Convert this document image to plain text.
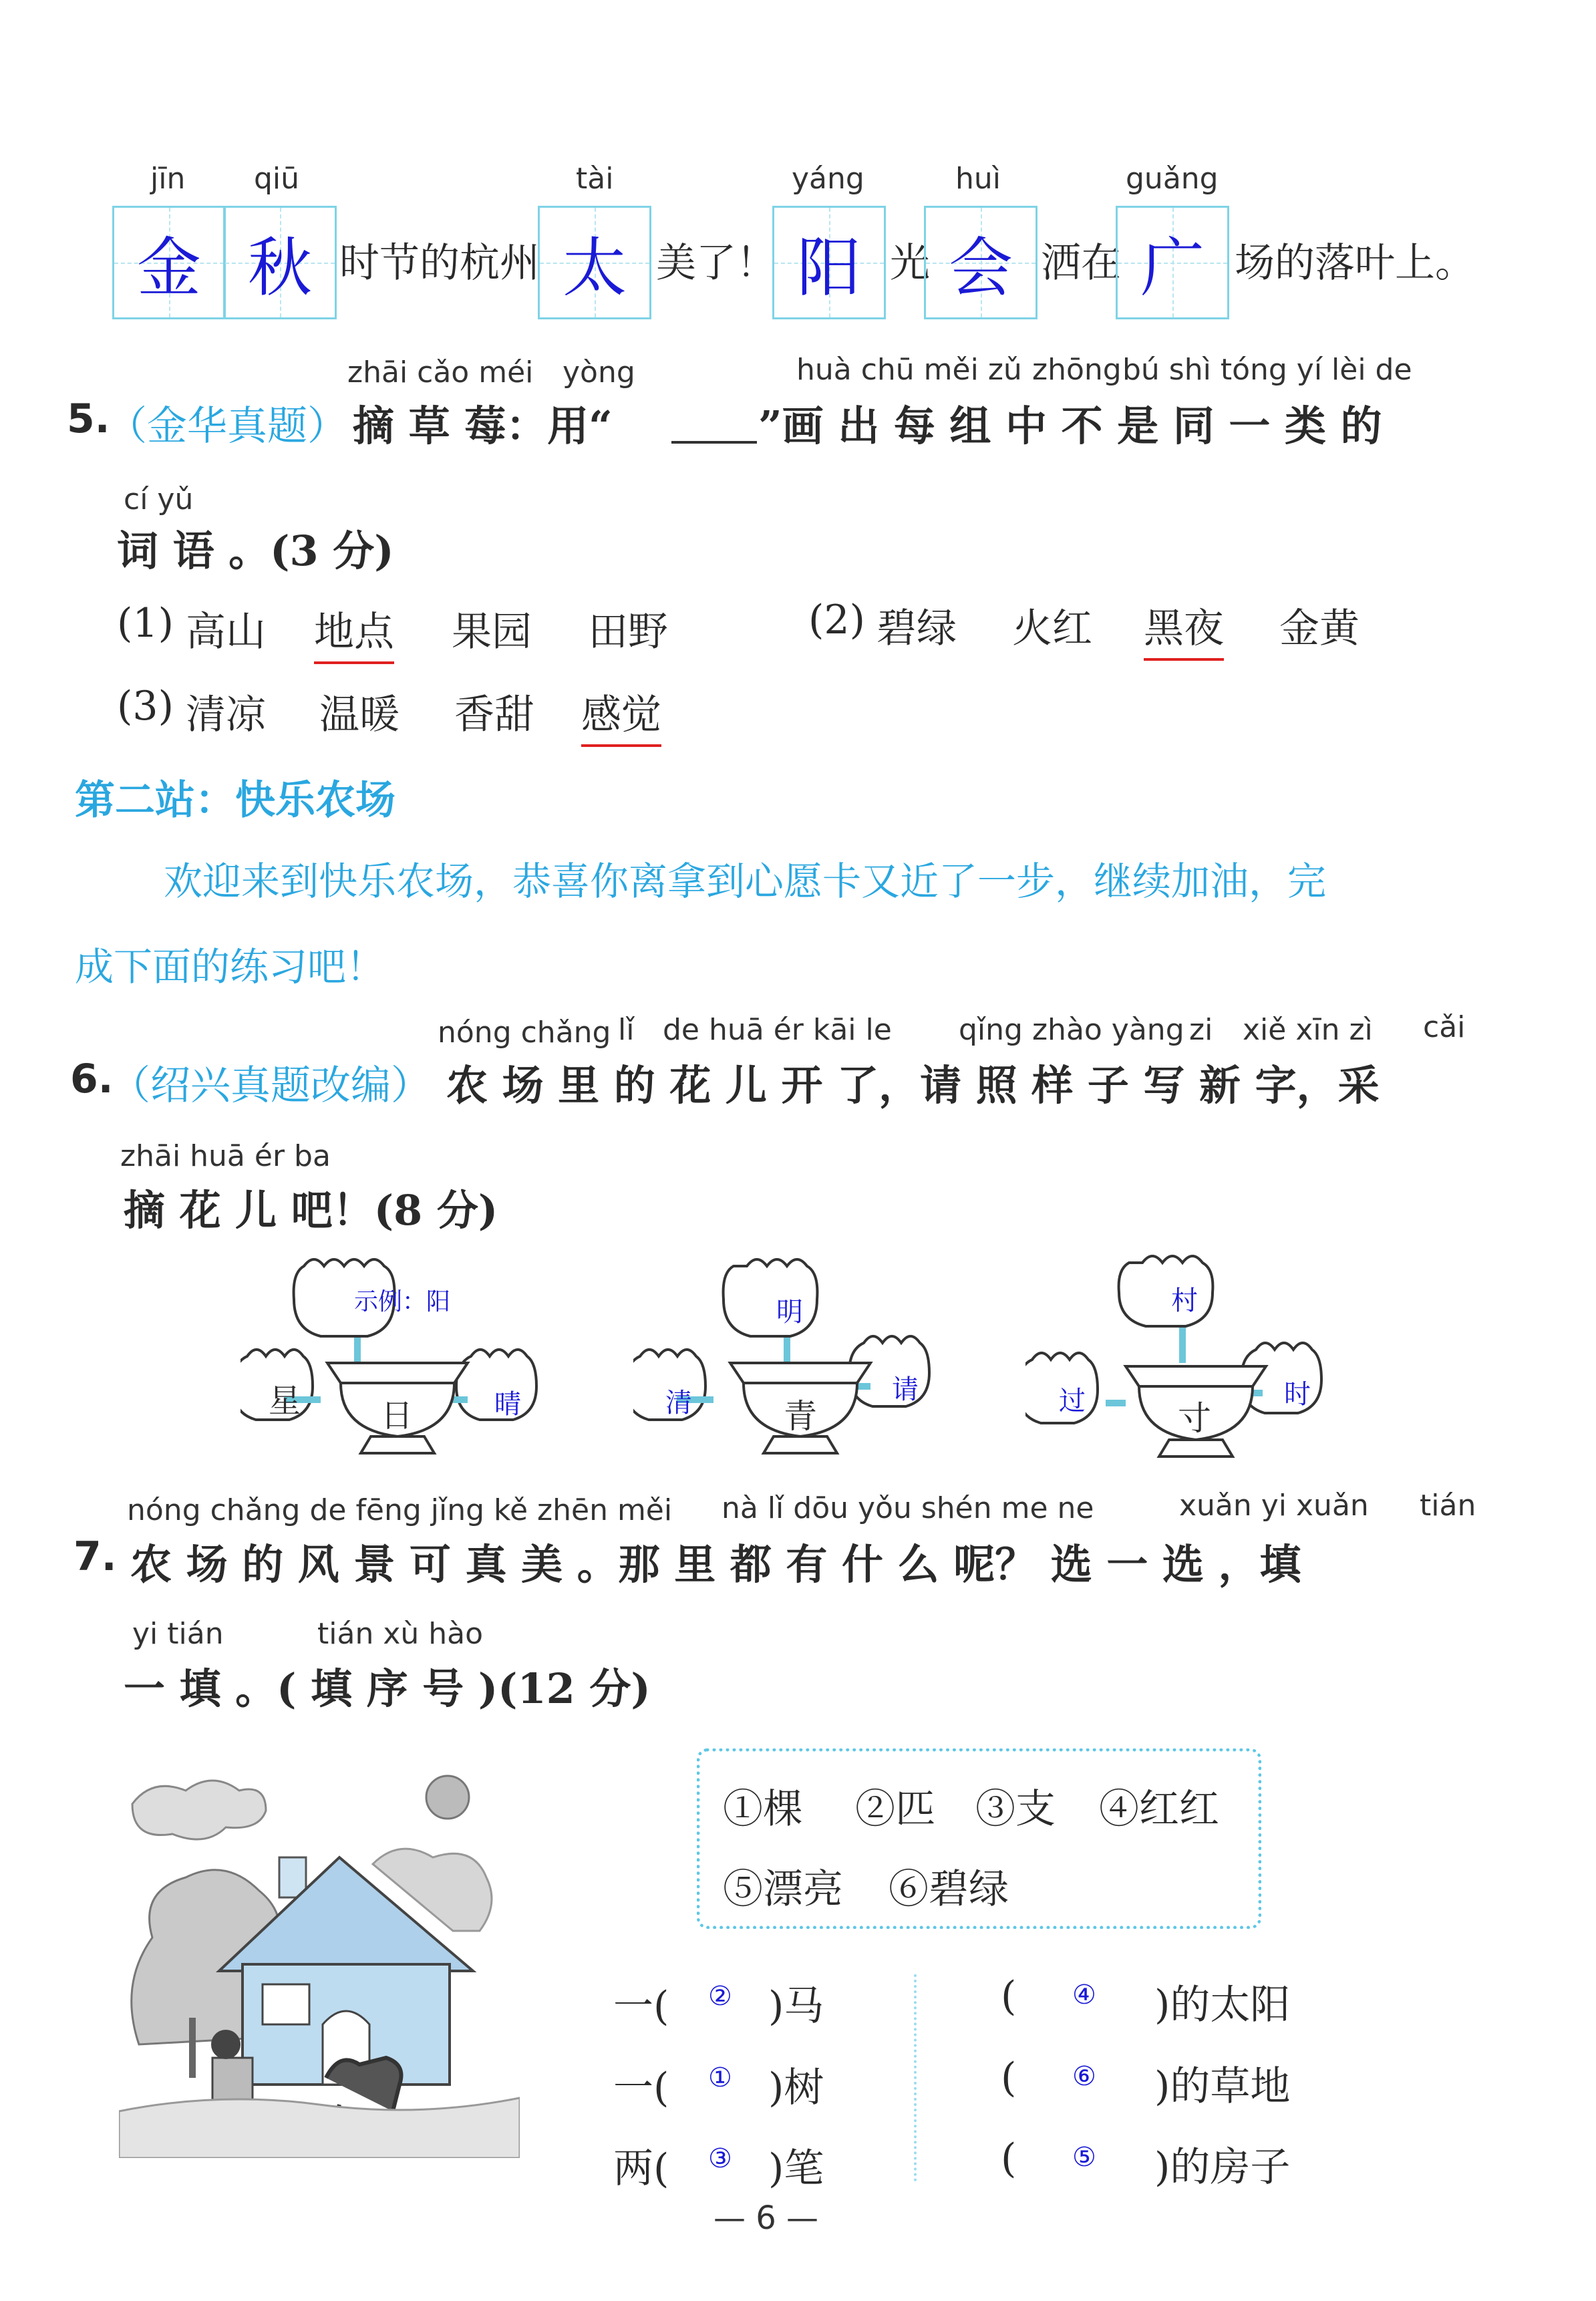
jīn qiū	tài	yáng	huì	guǎng
金 秋 时节的杭州 太 美了！ 阳 光 会 洒在 广 场的落叶上。
zhāi cǎo méi yòng	huà chū měi zǔ zhōng bú shì tóng yí lèi de
5.
（金华真题） 摘 草 莓：用“	”画 出 每 组 中 不 是 同 一 类 的
cí yǔ
词 语 。(3 分)
(1) 高山 地点 果园 田野	(2) 碧绿 火红 黑夜 金黄
(3) 清凉 温暖 香甜 感觉
第二站：快乐农场
欢迎来到快乐农场，恭喜你离拿到心愿卡又近了一步，继续加油，完
成下面的练习吧！
nóng chǎng lǐ de huā ér kāi le qǐng zhào yàng zi xiě xīn zì cǎi
6.
（绍兴真题改编） 农 场 里 的 花 儿 开 了，请 照 样 子 写 新 字，采
zhāi huā ér ba
摘 花 儿 吧！(8 分)
示例：阳
星 日	晴
明
清	青
请
村
过	寸
时
nóng chǎng de fēng jǐng kě zhēn měi nà lǐ dōu yǒu shén me ne	xuǎn yi xuǎn tián
7. 农 场 的 风 景 可 真 美 。那 里 都 有 什 么 呢？ 选 一 选 ，填
yi tián	tián xù hào
一 填 。( 填 序 号 )(12 分)
①棵 ②匹 ③支 ④红红
⑤漂亮 ⑥碧绿
一( ② )马
一( ① )树
两( ③ )笔
( ④ )的太阳
( ⑥ )的草地
( ⑤ )的房子
— 6 —
